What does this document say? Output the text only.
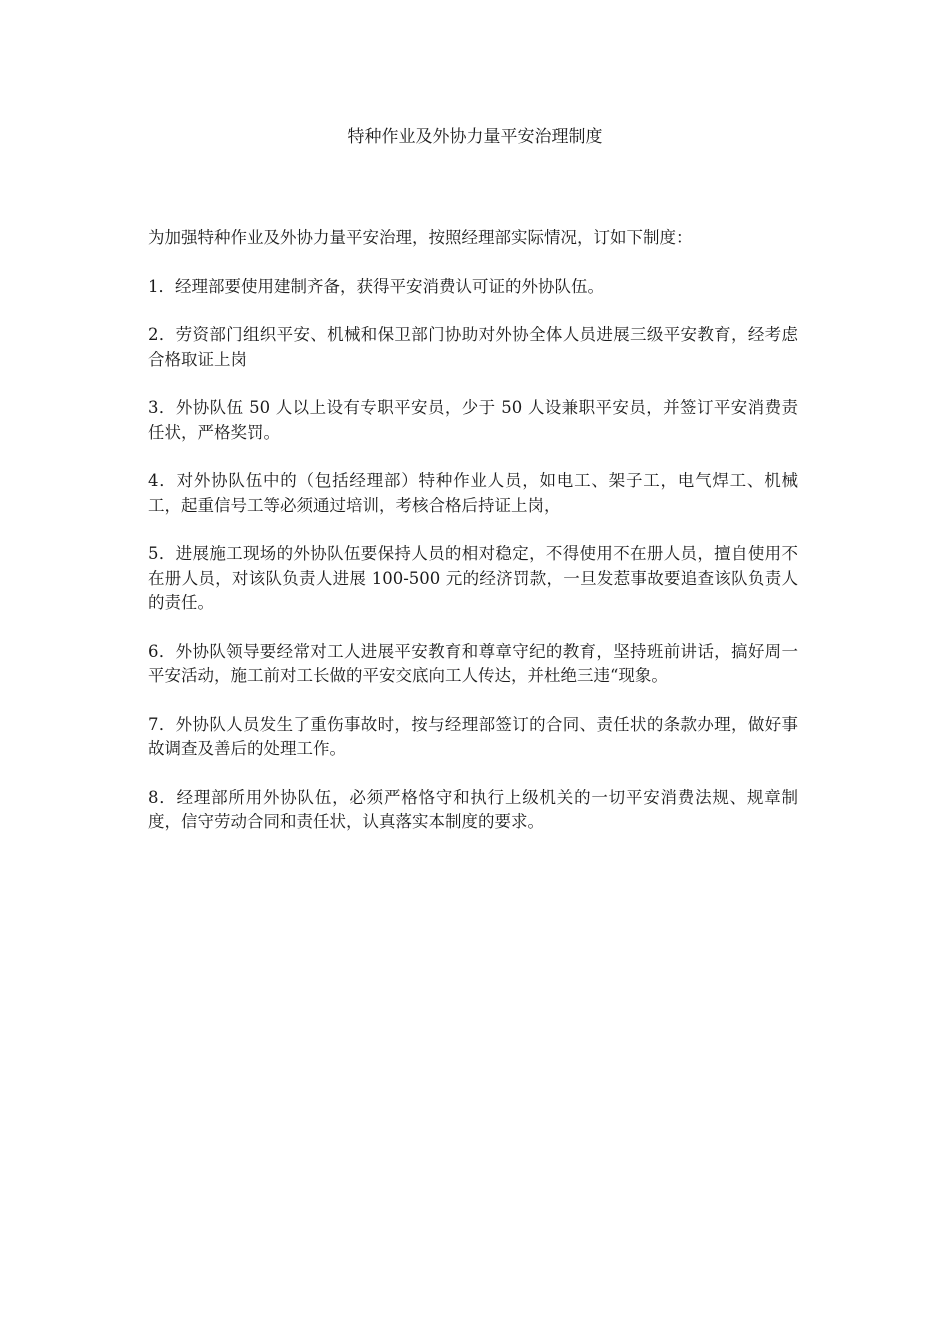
特种作业及外协力量平安治理制度

为加强特种作业及外协力量平安治理，按照经理部实际情况，订如下制度：

1．经理部要使用建制齐备，获得平安消费认可证的外协队伍。

2．劳资部门组织平安、机械和保卫部门协助对外协全体人员进展三级平安教育，经考虑合格取证上岗

3．外协队伍 50 人以上设有专职平安员，少于 50 人设兼职平安员，并签订平安消费责任状，严格奖罚。

4．对外协队伍中的（包括经理部）特种作业人员，如电工、架子工，电气焊工、机械工，起重信号工等必须通过培训，考核合格后持证上岗，

5．进展施工现场的外协队伍要保持人员的相对稳定，不得使用不在册人员，擅自使用不在册人员，对该队负责人进展 100-500 元的经济罚款，一旦发惹事故要追查该队负责人的责任。

6．外协队领导要经常对工人进展平安教育和尊章守纪的教育，坚持班前讲话，搞好周一平安活动，施工前对工长做的平安交底向工人传达，并杜绝三违“现象。

7．外协队人员发生了重伤事故时，按与经理部签订的合同、责任状的条款办理，做好事故调查及善后的处理工作。

8．经理部所用外协队伍，必须严格恪守和执行上级机关的一切平安消费法规、规章制度，信守劳动合同和责任状，认真落实本制度的要求。
